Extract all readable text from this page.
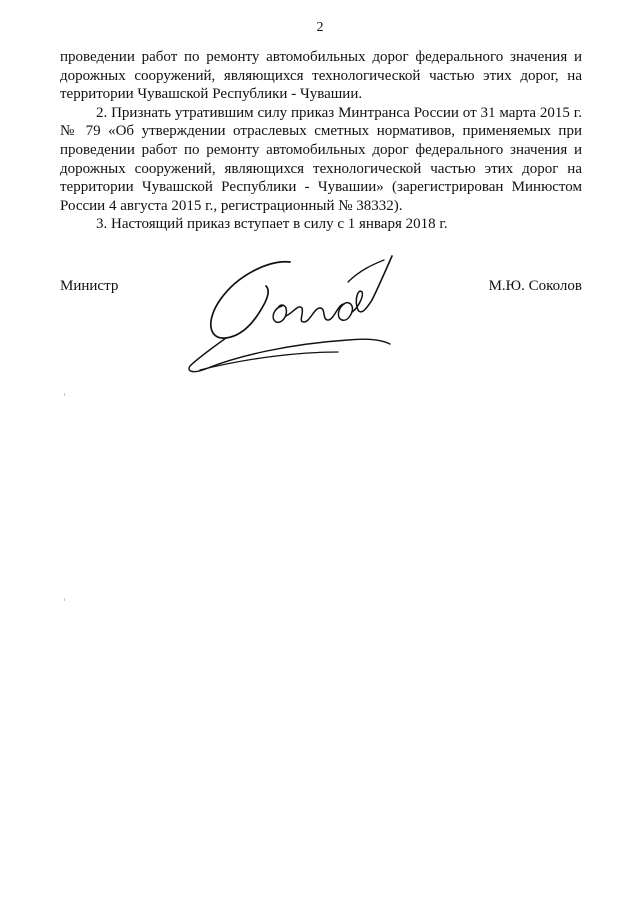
2

проведении работ по ремонту автомобильных дорог федерального значения и дорожных сооружений, являющихся технологической частью этих дорог, на территории Чувашской Республики - Чувашии.

2. Признать утратившим силу приказ Минтранса России от 31 марта 2015 г. № 79 «Об утверждении отраслевых сметных нормативов, применяемых при проведении работ по ремонту автомобильных дорог федерального значения и дорожных сооружений, являющихся технологической частью этих дорог на территории Чувашской Республики - Чувашии» (зарегистрирован Минюстом России 4 августа 2015 г., регистрационный № 38332).

3. Настоящий приказ вступает в силу с 1 января 2018 г.

Министр	М.Ю. Соколов
